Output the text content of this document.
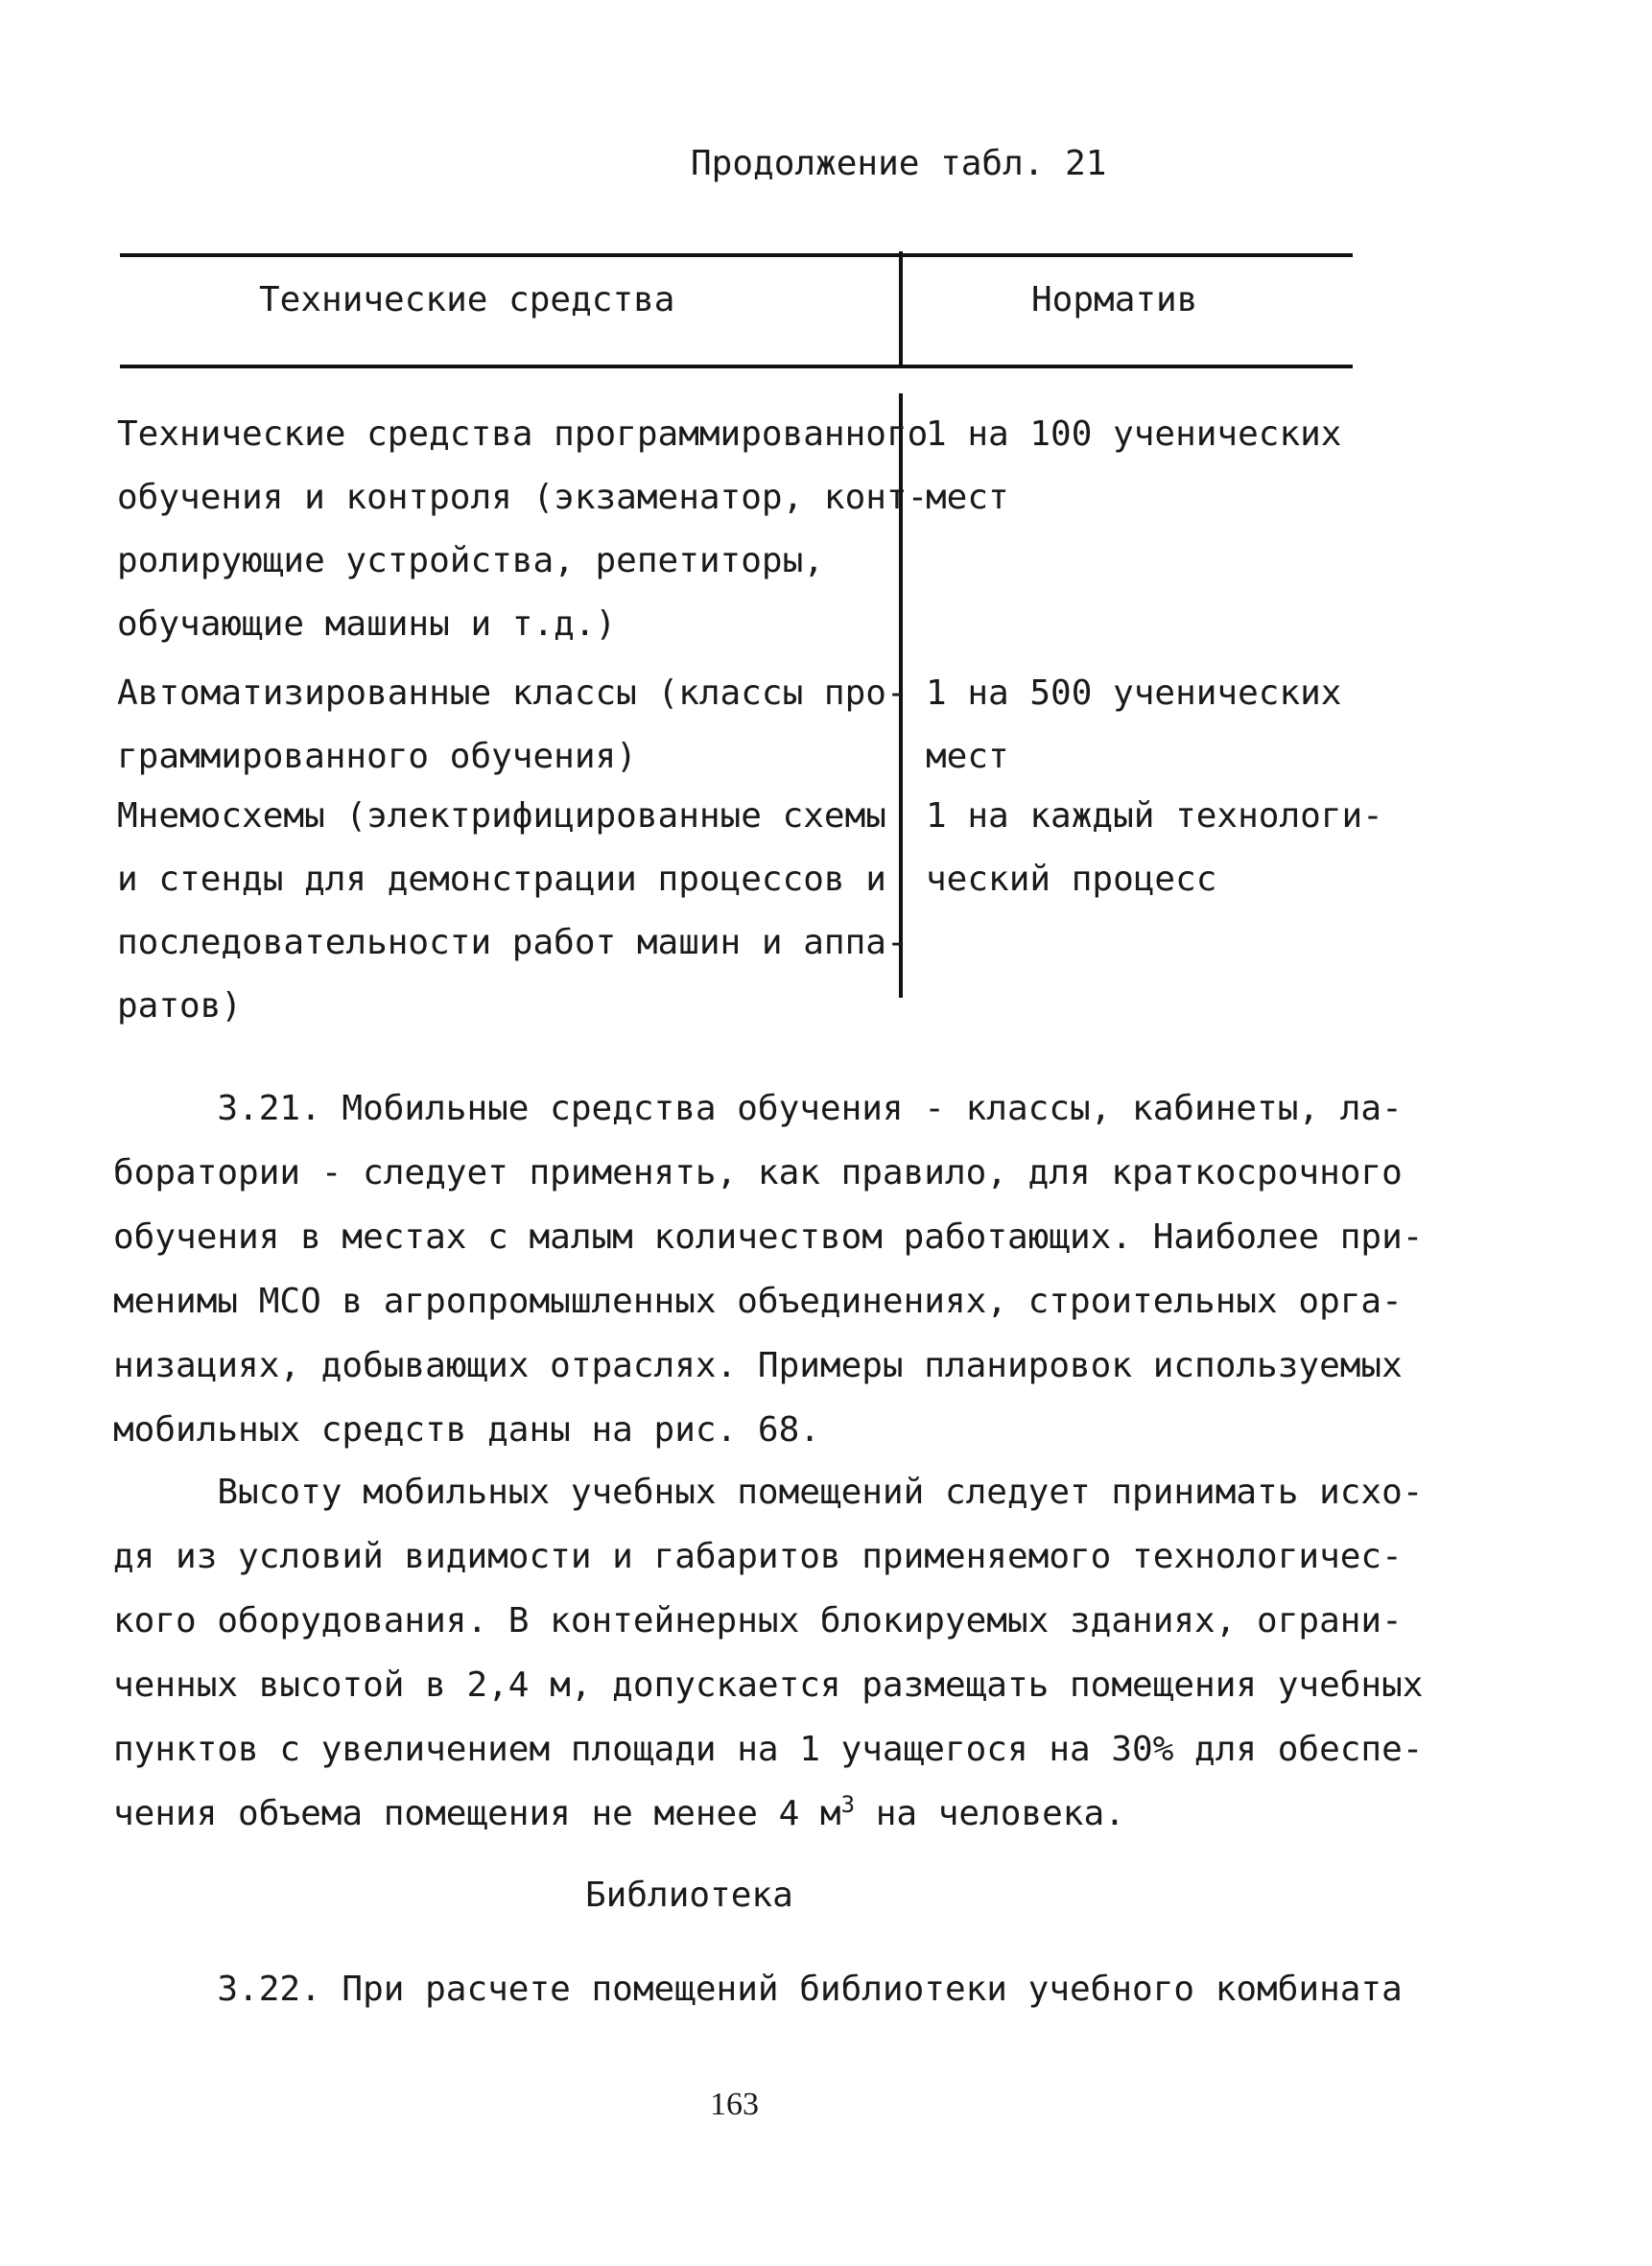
Продолжение табл. 21
Технические средства	Норматив
Технические средства программированного
обучения и контроля (экзаменатор, конт-
ролирующие устройства, репетиторы,
обучающие машины и т.д.)
1 на 100 ученических
мест
Автоматизированные классы (классы про-
граммированного обучения)
1 на 500 ученических
мест
Мнемосхемы (электрифицированные схемы
и стенды для демонстрации процессов и
последовательности работ машин и аппа-
ратов)
1 на каждый технологи-
ческий процесс
3.21. Мобильные средства обучения - классы, кабинеты, ла-
боратории - следует применять, как правило, для краткосрочного
обучения в местах с малым количеством работающих. Наиболее при-
менимы МСО в агропромышленных объединениях, строительных орга-
низациях, добывающих отраслях. Примеры планировок используемых
мобильных средств даны на рис. 68.
Высоту мобильных учебных помещений следует принимать исхо-
дя из условий видимости и габаритов применяемого технологичес-
кого оборудования. В контейнерных блокируемых зданиях, ограни-
ченных высотой в 2,4 м, допускается размещать помещения учебных
пунктов с увеличением площади на 1 учащегося на 30% для обеспе-
чения объема помещения не менее 4 $м^3$ на человека.
Библиотека
3.22. При расчете помещений библиотеки учебного комбината
163
